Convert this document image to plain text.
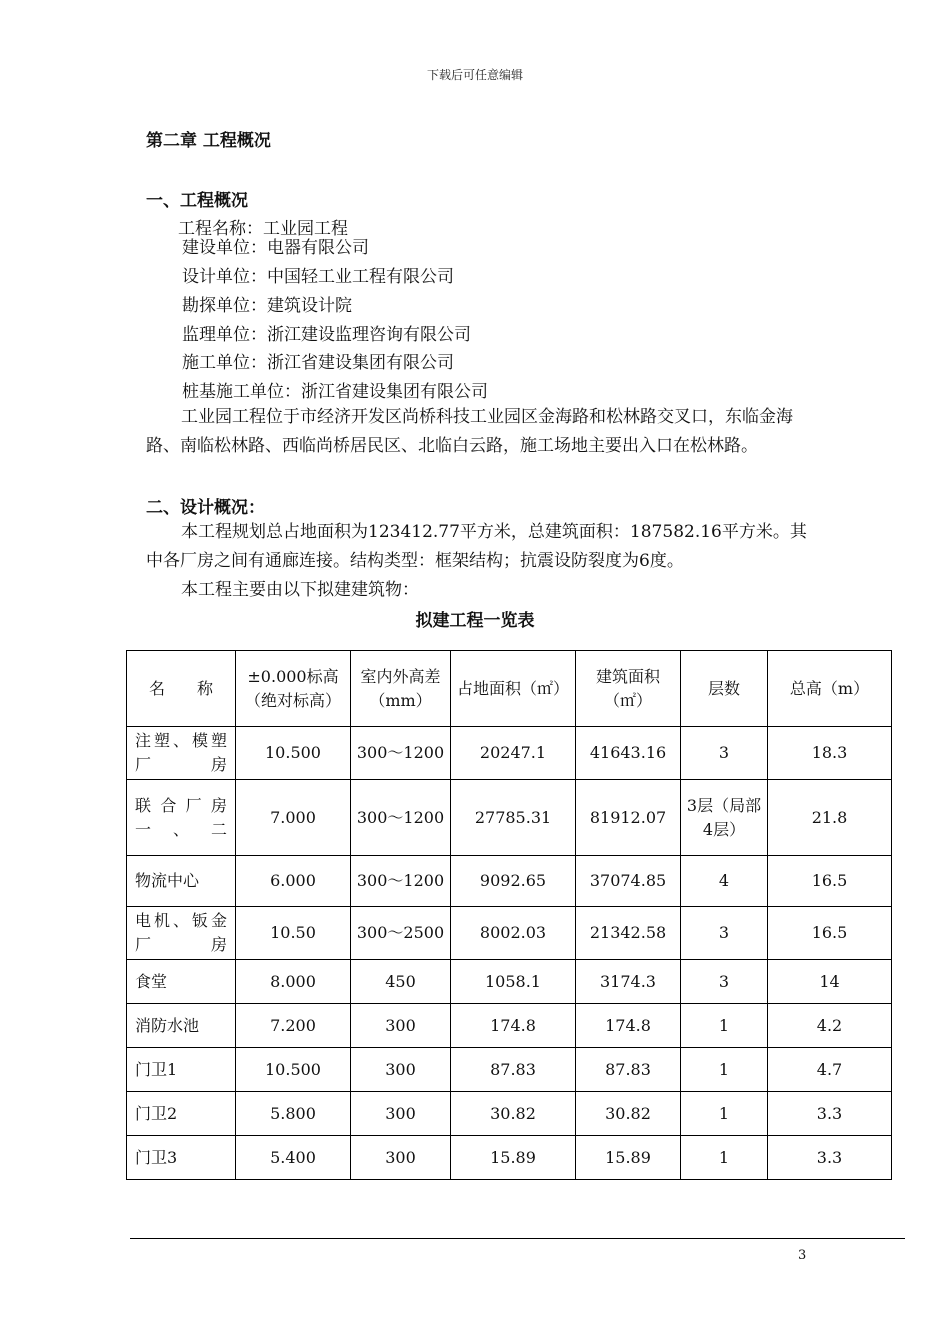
下载后可任意编辑
第二章 工程概况
一、工程概况
工程名称：工业园工程
建设单位：电器有限公司
设计单位：中国轻工业工程有限公司
勘探单位：建筑设计院
监理单位：浙江建设监理咨询有限公司
施工单位：浙江省建设集团有限公司
桩基施工单位：浙江省建设集团有限公司
工业园工程位于市经济开发区尚桥科技工业园区金海路和松林路交叉口，东临金海路、南临松林路、西临尚桥居民区、北临白云路，施工场地主要出入口在松林路。
二、设计概况：
本工程规划总占地面积为123412.77平方米，总建筑面积：187582.16平方米。其中各厂房之间有通廊连接。结构类型：框架结构；抗震设防裂度为6度。
本工程主要由以下拟建建筑物：
拟建工程一览表
名　　称	±0.000标高（绝对标高）	室内外高差（mm）	占地面积（㎡）	建筑面积（㎡）	层数	总高（m）
注塑、模塑厂房	10.500	300～1200	20247.1	41643.16	3	18.3
联合厂房一、二	7.000	300～1200	27785.31	81912.07	3层（局部4层）	21.8
物流中心	6.000	300～1200	9092.65	37074.85	4	16.5
电机、钣金厂房	10.50	300～2500	8002.03	21342.58	3	16.5
食堂	8.000	450	1058.1	3174.3	3	14
消防水池	7.200	300	174.8	174.8	1	4.2
门卫1	10.500	300	87.83	87.83	1	4.7
门卫2	5.800	300	30.82	30.82	1	3.3
门卫3	5.400	300	15.89	15.89	1	3.3
3
